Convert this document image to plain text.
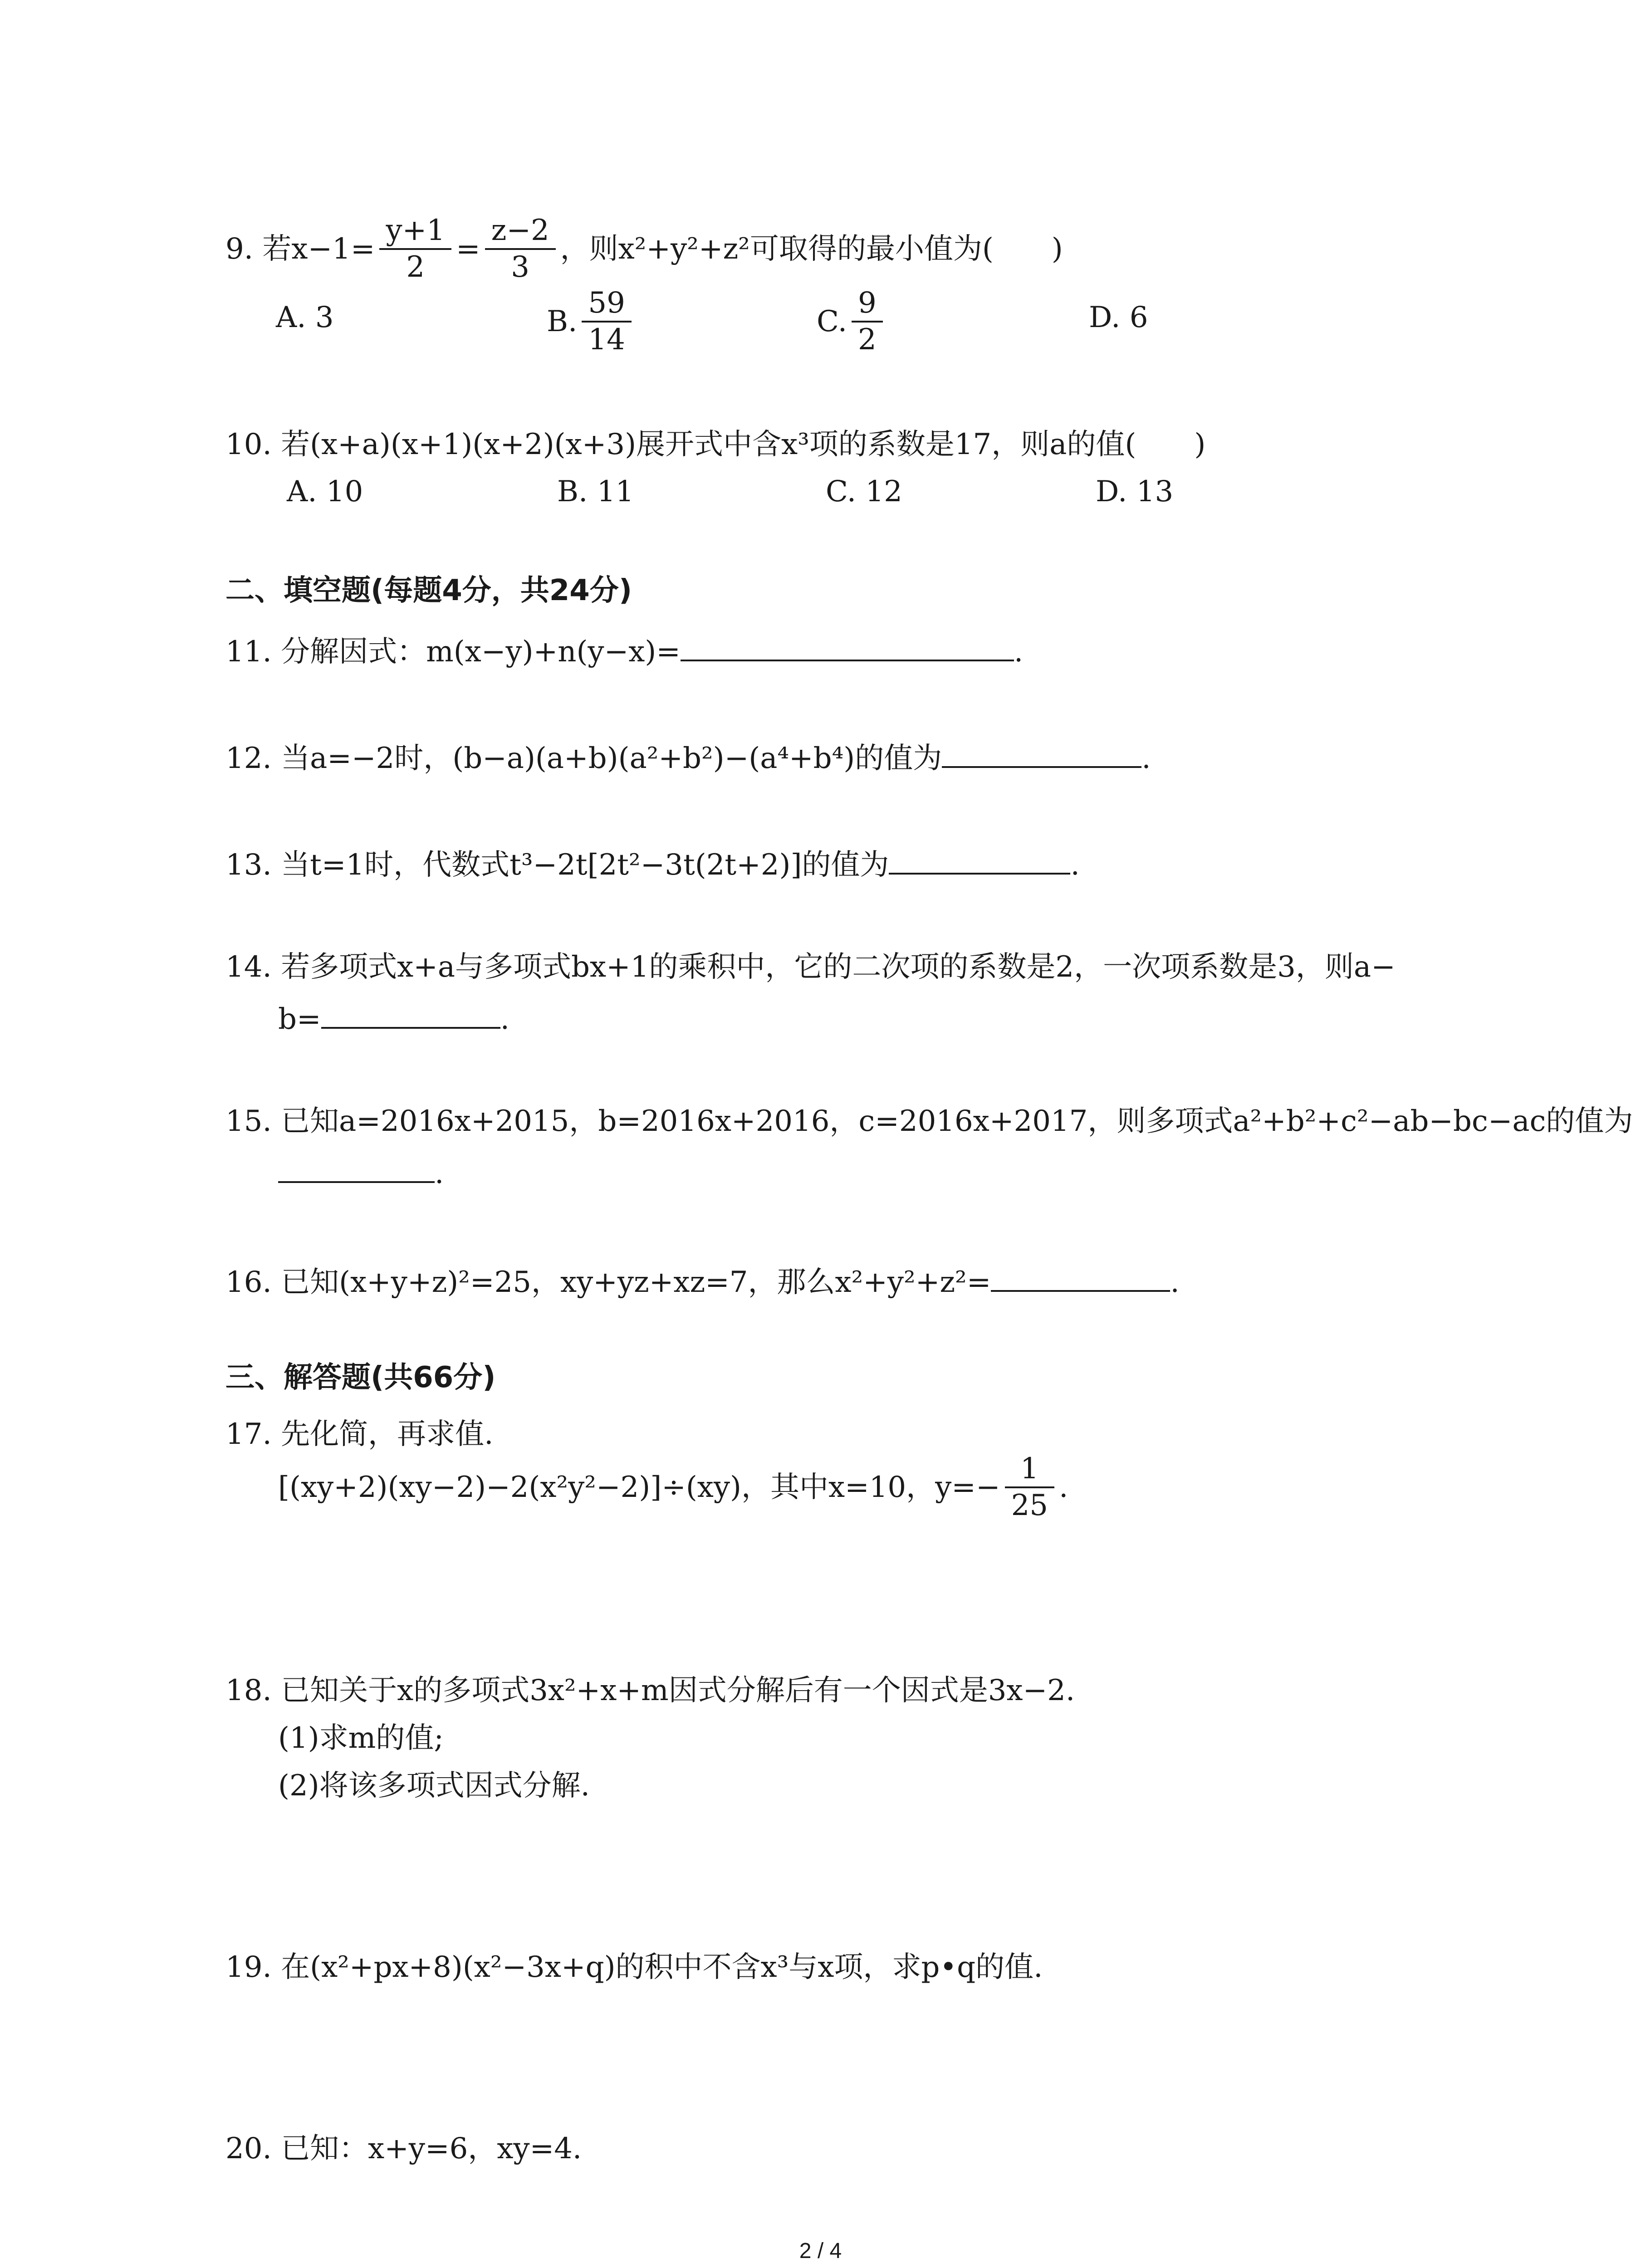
9. 若$x-1= \frac{y+1}{2} = \frac{z-2}{3}$ ，则x²+y²+z²可取得的最小值为(　　)
A. 3	B. $\frac{59}{14}$	C. $\frac{9}{2}$	D. 6
10. 若(x+a)(x+1)(x+2)(x+3)展开式中含x³项的系数是17，则a的值(　　)
A. 10	B. 11	C. 12	D. 13
二、填空题(每题4分，共24分)
11. 分解因式：m(x−y)+n(y−x)=	.
12. 当a=−2时，(b−a)(a+b)(a²+b²)−(a⁴+b⁴)的值为	.
13. 当t=1时，代数式t³−2t[2t²−3t(2t+2)]的值为	.
14. 若多项式x+a与多项式bx+1的乘积中，它的二次项的系数是2，一次项系数是3，则a−
b=	.
15. 已知a=2016x+2015，b=2016x+2016，c=2016x+2017，则多项式a²+b²+c²−ab−bc−ac的值为
.
16. 已知(x+y+z)²=25，xy+yz+xz=7，那么x²+y²+z²=	.
三、解答题(共66分)
17. 先化简，再求值.
[(xy+2)(xy−2)−2(x²y²−2)]÷(xy)，其中x=10，$y=- \frac{1}{25}$ .
18. 已知关于x的多项式3x²+x+m因式分解后有一个因式是3x−2.
(1)求m的值;
(2)将该多项式因式分解.
19. 在(x²+px+8)(x²−3x+q)的积中不含x³与x项，求p•q的值.
20. 已知：x+y=6，xy=4.
2 / 4
